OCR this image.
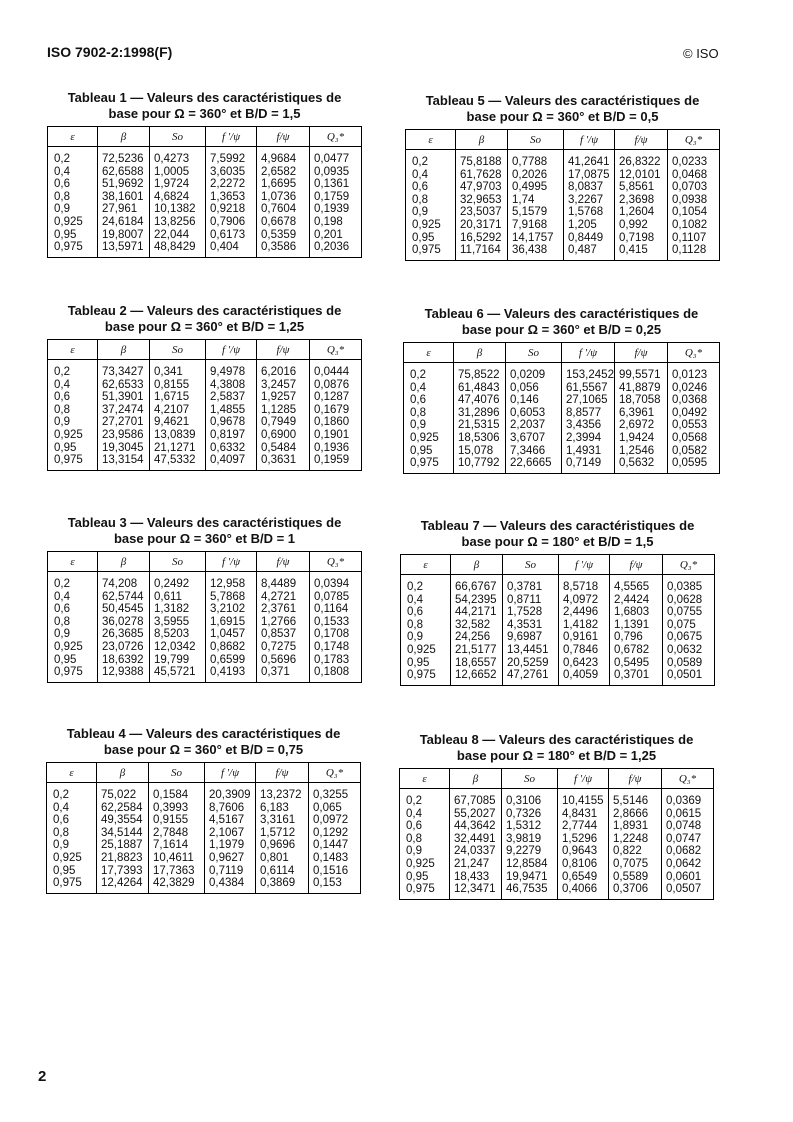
ISO 7902-2:1998(F)	© ISO
Tableau 1 — Valeurs des caractéristiques de
base pour Ω = 360° et B/D = 1,5
ε	β	So	f ′/ψ	f/ψ	Q₃*
0,2	72,5236	0,4273	7,5992	4,9684	0,0477
0,4	62,6588	1,0005	3,6035	2,6582	0,0935
0,6	51,9692	1,9724	2,2272	1,6695	0,1361
0,8	38,1601	4,6824	1,3653	1,0736	0,1759
0,9	27,961	10,1382	0,9218	0,7604	0,1939
0,925	24,6184	13,8256	0,7906	0,6678	0,198
0,95	19,8007	22,044	0,6173	0,5359	0,201
0,975	13,5971	48,8429	0,404	0,3586	0,2036
Tableau 2 — Valeurs des caractéristiques de
base pour Ω = 360° et B/D = 1,25
ε	β	So	f ′/ψ	f/ψ	Q₃*
0,2	73,3427	0,341	9,4978	6,2016	0,0444
0,4	62,6533	0,8155	4,3808	3,2457	0,0876
0,6	51,3901	1,6715	2,5837	1,9257	0,1287
0,8	37,2474	4,2107	1,4855	1,1285	0,1679
0,9	27,2701	9,4621	0,9678	0,7949	0,1860
0,925	23,9586	13,0839	0,8197	0,6900	0,1901
0,95	19,3045	21,1271	0,6332	0,5484	0,1936
0,975	13,3154	47,5332	0,4097	0,3631	0,1959
Tableau 3 — Valeurs des caractéristiques de
base pour Ω = 360° et B/D = 1
ε	β	So	f ′/ψ	f/ψ	Q₃*
0,2	74,208	0,2492	12,958	8,4489	0,0394
0,4	62,5744	0,611	5,7868	4,2721	0,0785
0,6	50,4545	1,3182	3,2102	2,3761	0,1164
0,8	36,0278	3,5955	1,6915	1,2766	0,1533
0,9	26,3685	8,5203	1,0457	0,8537	0,1708
0,925	23,0726	12,0342	0,8682	0,7275	0,1748
0,95	18,6392	19,799	0,6599	0,5696	0,1783
0,975	12,9388	45,5721	0,4193	0,371	0,1808
Tableau 4 — Valeurs des caractéristiques de
base pour Ω = 360° et B/D = 0,75
ε	β	So	f ′/ψ	f/ψ	Q₃*
0,2	75,022	0,1584	20,3909	13,2372	0,3255
0,4	62,2584	0,3993	8,7606	6,183	0,065
0,6	49,3554	0,9155	4,5167	3,3161	0,0972
0,8	34,5144	2,7848	2,1067	1,5712	0,1292
0,9	25,1887	7,1614	1,1979	0,9696	0,1447
0,925	21,8823	10,4611	0,9627	0,801	0,1483
0,95	17,7393	17,7363	0,7119	0,6114	0,1516
0,975	12,4264	42,3829	0,4384	0,3869	0,153
Tableau 5 — Valeurs des caractéristiques de
base pour Ω = 360° et B/D = 0,5
ε	β	So	f ′/ψ	f/ψ	Q₃*
0,2	75,8188	0,7788	41,2641	26,8322	0,0233
0,4	61,7628	0,2026	17,0875	12,0101	0,0468
0,6	47,9703	0,4995	8,0837	5,8561	0,0703
0,8	32,9653	1,74	3,2267	2,3698	0,0938
0,9	23,5037	5,1579	1,5768	1,2604	0,1054
0,925	20,3171	7,9168	1,205	0,992	0,1082
0,95	16,5292	14,1757	0,8449	0,7198	0,1107
0,975	11,7164	36,438	0,487	0,415	0,1128
Tableau 6 — Valeurs des caractéristiques de
base pour Ω = 360° et B/D = 0,25
ε	β	So	f ′/ψ	f/ψ	Q₃*
0,2	75,8522	0,0209	153,2452	99,5571	0,0123
0,4	61,4843	0,056	61,5567	41,8879	0,0246
0,6	47,4076	0,146	27,1065	18,7058	0,0368
0,8	31,2896	0,6053	8,8577	6,3961	0,0492
0,9	21,5315	2,2037	3,4356	2,6972	0,0553
0,925	18,5306	3,6707	2,3994	1,9424	0,0568
0,95	15,078	7,3466	1,4931	1,2546	0,0582
0,975	10,7792	22,6665	0,7149	0,5632	0,0595
Tableau 7 — Valeurs des caractéristiques de
base pour Ω = 180° et B/D = 1,5
ε	β	So	f ′/ψ	f/ψ	Q₃*
0,2	66,6767	0,3781	8,5718	4,5565	0,0385
0,4	54,2395	0,8711	4,0972	2,4424	0,0628
0,6	44,2171	1,7528	2,4496	1,6803	0,0755
0,8	32,582	4,3531	1,4182	1,1391	0,075
0,9	24,256	9,6987	0,9161	0,796	0,0675
0,925	21,5177	13,4451	0,7846	0,6782	0,0632
0,95	18,6557	20,5259	0,6423	0,5495	0,0589
0,975	12,6652	47,2761	0,4059	0,3701	0,0501
Tableau 8 — Valeurs des caractéristiques de
base pour Ω = 180° et B/D = 1,25
ε	β	So	f ′/ψ	f/ψ	Q₃*
0,2	67,7085	0,3106	10,4155	5,5146	0,0369
0,4	55,2027	0,7326	4,8431	2,8666	0,0615
0,6	44,3642	1,5312	2,7744	1,8931	0,0748
0,8	32,4491	3,9819	1,5296	1,2248	0,0747
0,9	24,0337	9,2279	0,9643	0,822	0,0682
0,925	21,247	12,8584	0,8106	0,7075	0,0642
0,95	18,433	19,9471	0,6549	0,5589	0,0601
0,975	12,3471	46,7535	0,4066	0,3706	0,0507
2
